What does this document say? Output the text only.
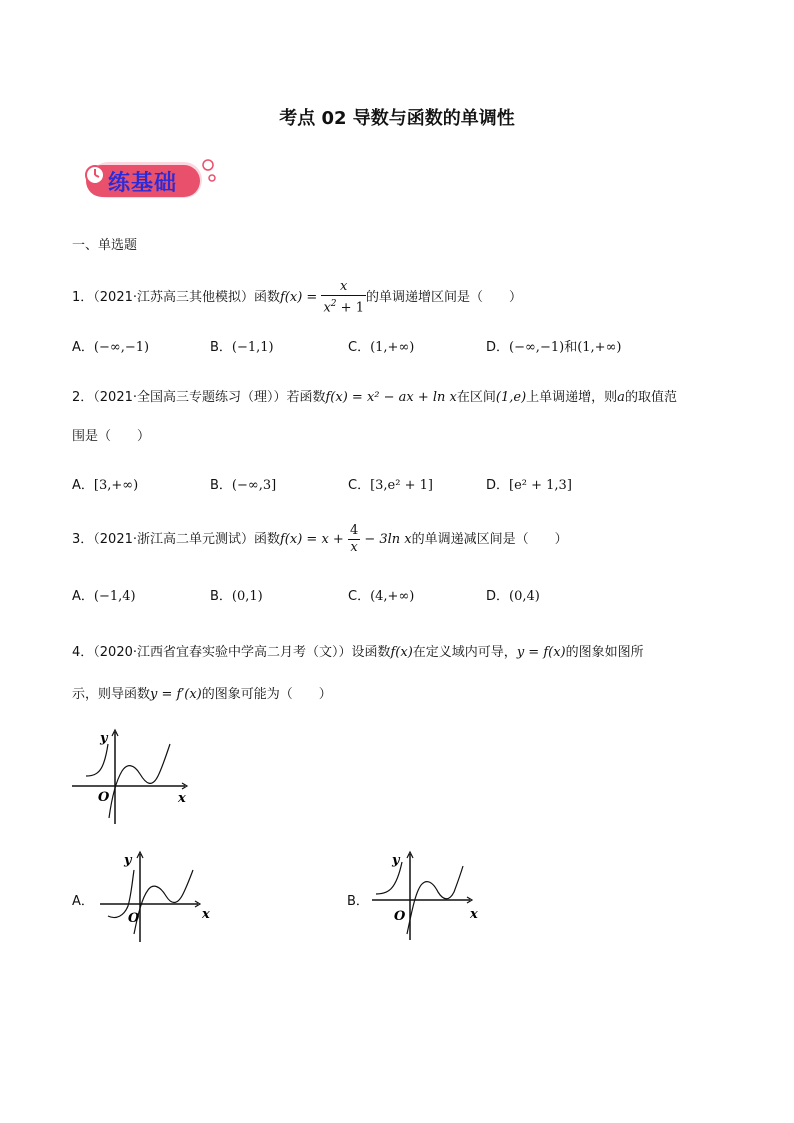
考点 02 导数与函数的单调性
练基础
一、单选题
1．（2021·江苏高三其他模拟）函数$f(x) = \frac{x}{x^2 + 1}$ 的单调递增区间是（　　）
A．(−∞,−1)	B．(−1,1)	C．(1,+∞)	D．(−∞,−1)和(1,+∞)
2．（2021·全国高三专题练习（理））若函数f(x) = x² − ax + ln x在区间(1,e)上单调递增，则a的取值范
围是（　　）
A．[3,+∞)	B．(−∞,3]	C．[3,e² + 1]	D．[e² + 1,3]
3．（2021·浙江高二单元测试）函数$f(x) = x + \frac{4}{x} - 3\ln$ x的单调递减区间是（　　）
A．(−1,4)	B．(0,1)	C．(4,+∞)	D．(0,4)
4．（2020·江西省宜春实验中学高二月考（文））设函数f(x)在定义域内可导，y = f(x)的图象如图所
示，则导函数y = f′(x)的图象可能为（　　）
y
O	x
A．
y
O	x
B．
y
O	x
